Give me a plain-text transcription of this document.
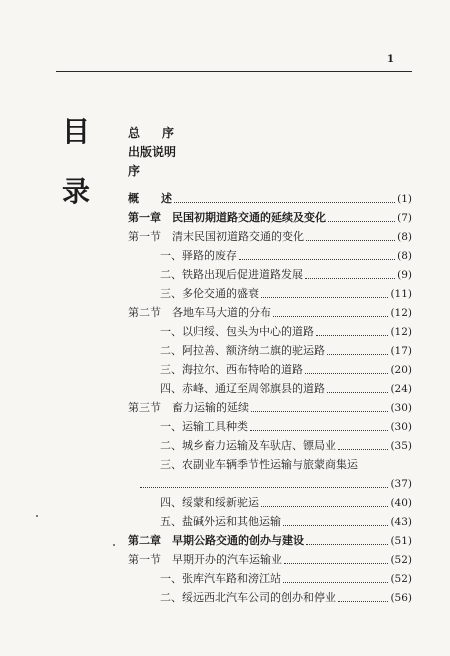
1
目
录
总 序
出版说明
序
概　　述	(1)
第一章 民国初期道路交通的延续及变化	(7)
第一节 清末民国初道路交通的变化	(8)
一、驿路的废存	(8)
二、铁路出现后促进道路发展	(9)
三、多伦交通的盛衰	(11)
第二节 各地车马大道的分布	(12)
一、以归绥、包头为中心的道路	(12)
二、阿拉善、额济纳二旗的驼运路	(17)
三、海拉尔、西布特哈的道路	(20)
四、赤峰、通辽至周邻旗县的道路	(24)
第三节 畜力运输的延续	(30)
一、运输工具种类	(30)
二、城乡畜力运输及车驮店、镖局业	(35)
三、农副业车辆季节性运输与旅蒙商集运
(37)
四、绥蒙和绥新驼运	(40)
五、盐碱外运和其他运输	(43)
第二章 早期公路交通的创办与建设	(51)
第一节 早期开办的汽车运输业	(52)
一、张库汽车路和滂江站	(52)
二、绥远西北汽车公司的创办和停业	(56)
